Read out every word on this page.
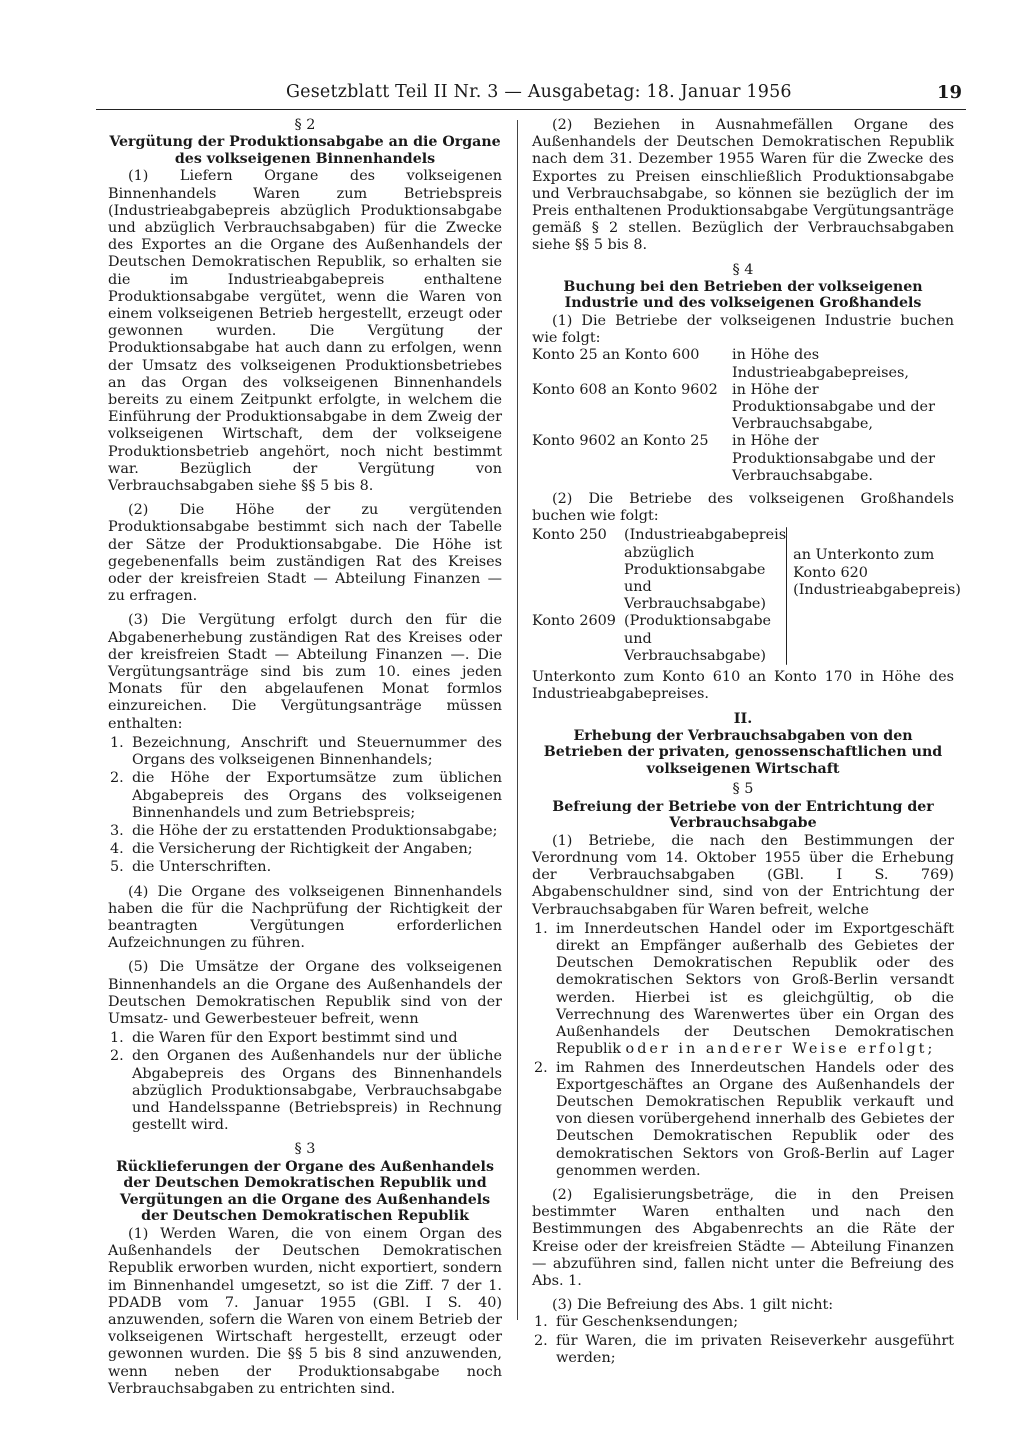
Gesetzblatt Teil II Nr. 3 — Ausgabetag: 18. Januar 1956	19
§ 2
Vergütung der Produktionsabgabe an die Organe des volkseigenen Binnenhandels

(1) Liefern Organe des volkseigenen Binnenhandels Waren zum Betriebspreis (Industrieabgabepreis abzüglich Produktionsabgabe und abzüglich Verbrauchsabgaben) für die Zwecke des Exportes an die Organe des Außenhandels der Deutschen Demokratischen Republik, so erhalten sie die im Industrieabgabepreis enthaltene Produktionsabgabe vergütet, wenn die Waren von einem volkseigenen Betrieb hergestellt, erzeugt oder gewonnen wurden. Die Vergütung der Produktionsabgabe hat auch dann zu erfolgen, wenn der Umsatz des volkseigenen Produktionsbetriebes an das Organ des volkseigenen Binnenhandels bereits zu einem Zeitpunkt erfolgte, in welchem die Einführung der Produktionsabgabe in dem Zweig der volkseigenen Wirtschaft, dem der volkseigene Produktionsbetrieb angehört, noch nicht bestimmt war. Bezüglich der Vergütung von Verbrauchsabgaben siehe §§ 5 bis 8.

(2) Die Höhe der zu vergütenden Produktionsabgabe bestimmt sich nach der Tabelle der Sätze der Produktionsabgabe. Die Höhe ist gegebenenfalls beim zuständigen Rat des Kreises oder der kreisfreien Stadt — Abteilung Finanzen — zu erfragen.

(3) Die Vergütung erfolgt durch den für die Abgabenerhebung zuständigen Rat des Kreises oder der kreisfreien Stadt — Abteilung Finanzen —. Die Vergütungsanträge sind bis zum 10. eines jeden Monats für den abgelaufenen Monat formlos einzureichen. Die Vergütungsanträge müssen enthalten:

1. Bezeichnung, Anschrift und Steuernummer des Organs des volkseigenen Binnenhandels;
2. die Höhe der Exportumsätze zum üblichen Abgabepreis des Organs des volkseigenen Binnenhandels und zum Betriebspreis;
3. die Höhe der zu erstattenden Produktionsabgabe;
4. die Versicherung der Richtigkeit der Angaben;
5. die Unterschriften.

(4) Die Organe des volkseigenen Binnenhandels haben die für die Nachprüfung der Richtigkeit der beantragten Vergütungen erforderlichen Aufzeichnungen zu führen.

(5) Die Umsätze der Organe des volkseigenen Binnenhandels an die Organe des Außenhandels der Deutschen Demokratischen Republik sind von der Umsatz- und Gewerbesteuer befreit, wenn

1. die Waren für den Export bestimmt sind und
2. den Organen des Außenhandels nur der übliche Abgabepreis des Organs des Binnenhandels abzüglich Produktionsabgabe, Verbrauchsabgabe und Handelsspanne (Betriebspreis) in Rechnung gestellt wird.
§ 3
Rücklieferungen der Organe des Außenhandels der Deutschen Demokratischen Republik und Vergütungen an die Organe des Außenhandels der Deutschen Demokratischen Republik

(1) Werden Waren, die von einem Organ des Außenhandels der Deutschen Demokratischen Republik erworben wurden, nicht exportiert, sondern im Binnenhandel umgesetzt, so ist die Ziff. 7 der 1. PDADB vom 7. Januar 1955 (GBl. I S. 40) anzuwenden, sofern die Waren von einem Betrieb der volkseigenen Wirtschaft hergestellt, erzeugt oder gewonnen wurden. Die §§ 5 bis 8 sind anzuwenden, wenn neben der Produktionsabgabe noch Verbrauchsabgaben zu entrichten sind.

(2) Beziehen in Ausnahmefällen Organe des Außenhandels der Deutschen Demokratischen Republik nach dem 31. Dezember 1955 Waren für die Zwecke des Exportes zu Preisen einschließlich Produktionsabgabe und Verbrauchsabgabe, so können sie bezüglich der im Preis enthaltenen Produktionsabgabe Vergütungsanträge gemäß § 2 stellen. Bezüglich der Verbrauchsabgaben siehe §§ 5 bis 8.

§ 4
Buchung bei den Betrieben der volkseigenen Industrie und des volkseigenen Großhandels

(1) Die Betriebe der volkseigenen Industrie buchen wie folgt:

Konto 25 an Konto 600	in Höhe des Industrieabgabepreises,
Konto 608 an Konto 9602 in Höhe der Produktionsabgabe und der Verbrauchsabgabe,
Konto 9602 an Konto 25	in Höhe der Produktionsabgabe und der Verbrauchsabgabe.

(2) Die Betriebe des volkseigenen Großhandels buchen wie folgt:

Konto 250	(Industrieabgabepreis abzüglich Produktionsabgabe und Verbrauchsabgabe)
Konto 2609 (Produktionsabgabe und Verbrauchsabgabe)
an Unterkonto zum Konto 620 (Industrieabgabepreis)

Unterkonto zum Konto 610 an Konto 170 in Höhe des Industrieabgabepreises.

II.
Erhebung der Verbrauchsabgaben von den Betrieben der privaten, genossenschaftlichen und volkseigenen Wirtschaft
§ 5
Befreiung der Betriebe von der Entrichtung der Verbrauchsabgabe

(1) Betriebe, die nach den Bestimmungen der Verordnung vom 14. Oktober 1955 über die Erhebung der Verbrauchsabgaben (GBl. I S. 769) Abgabenschuldner sind, sind von der Entrichtung der Verbrauchsabgaben für Waren befreit, welche

1. im Innerdeutschen Handel oder im Exportgeschäft direkt an Empfänger außerhalb des Gebietes der Deutschen Demokratischen Republik oder des demokratischen Sektors von Groß-Berlin versandt werden. Hierbei ist es gleichgültig, ob die Verrechnung des Warenwertes über ein Organ des Außenhandels der Deutschen Demokratischen Republik oder in anderer Weise erfolgt;
2. im Rahmen des Innerdeutschen Handels oder des Exportgeschäftes an Organe des Außenhandels der Deutschen Demokratischen Republik verkauft und von diesen vorübergehend innerhalb des Gebietes der Deutschen Demokratischen Republik oder des demokratischen Sektors von Groß-Berlin auf Lager genommen werden.

(2) Egalisierungsbeträge, die in den Preisen bestimmter Waren enthalten und nach den Bestimmungen des Abgabenrechts an die Räte der Kreise oder der kreisfreien Städte — Abteilung Finanzen — abzuführen sind, fallen nicht unter die Befreiung des Abs. 1.

(3) Die Befreiung des Abs. 1 gilt nicht:

1. für Geschenksendungen;
2. für Waren, die im privaten Reiseverkehr ausgeführt werden;
